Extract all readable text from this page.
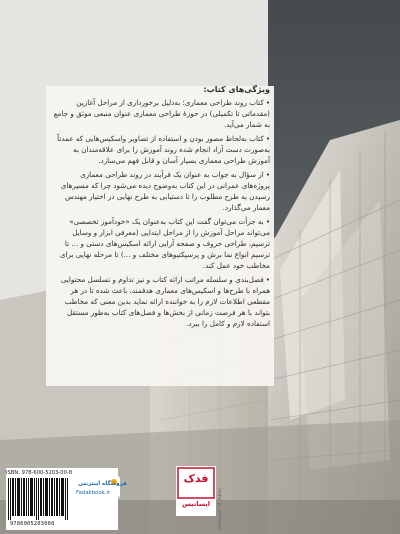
ویژگی‌های کتاب:
• کتاب روند طراحی معماری؛ به‌دلیل برخورداری از مراحل آغازین (مقدماتی تا تکمیلی) در حوزهٔ طراحی معماری عنوان منبعی موثق و جامع به شمار می‌آید.
• کتاب به‌لحاظ مصور بودن و استفاده از تصاویر واسکیس‌هایی که عمدتاً به‌صورت دست آزاد انجام شده روند آموزش را برای علاقه‌مندان به آموزش طراحی معماری بسیار آسان و قابل فهم می‌سازد.
• از سؤال به جواب به عنوان یک فرآیند در روند طراحی معماری پروژه‌های عمرانی در این کتاب به‌وضوح دیده می‌شود چرا که مسیرهای رسیدن به طرح مطلوب را تا دستیابی به طرح نهایی در اختیار مهندس معمار می‌گذارد.
• به جرأت می‌توان گفت این کتاب به‌عنوان یک «خودآموز تخصصی» می‌تواند مراحل آموزش را از مراحل ابتدایی (معرفی ابزار و وسایل ترسیم، طراحی حروف و صفحه آرایی ارائه اسکیس‌های دستی و ... تا ترسیم انواع نما برش و پرسپکتیوهای مختلف و ...) تا مرحله نهایی برای مخاطب خود عمل کند.
• فصل‌بندی و سلسله مراتب ارائه کتاب و نیز تداوم و تسلسل محتوایی همراه با طرح‌ها و اسکیس‌های معماری هدفمند، باعث شده تا در هر مقطعی اطلاعات لازم را به خواننده ارائه نماید بدین معنی که مخاطب بتواند با هر فرصت زمانی از بخش‌ها و فصل‌های کتاب به‌طور مستقل استفاده لازم و کامل را ببرد.
ISBN: 978-600-5203-00-8
9786005203008
فروشگاه اینترنتی
Fadakbook.ir
فدک
ایساتیس	Designer: M.Tabas
